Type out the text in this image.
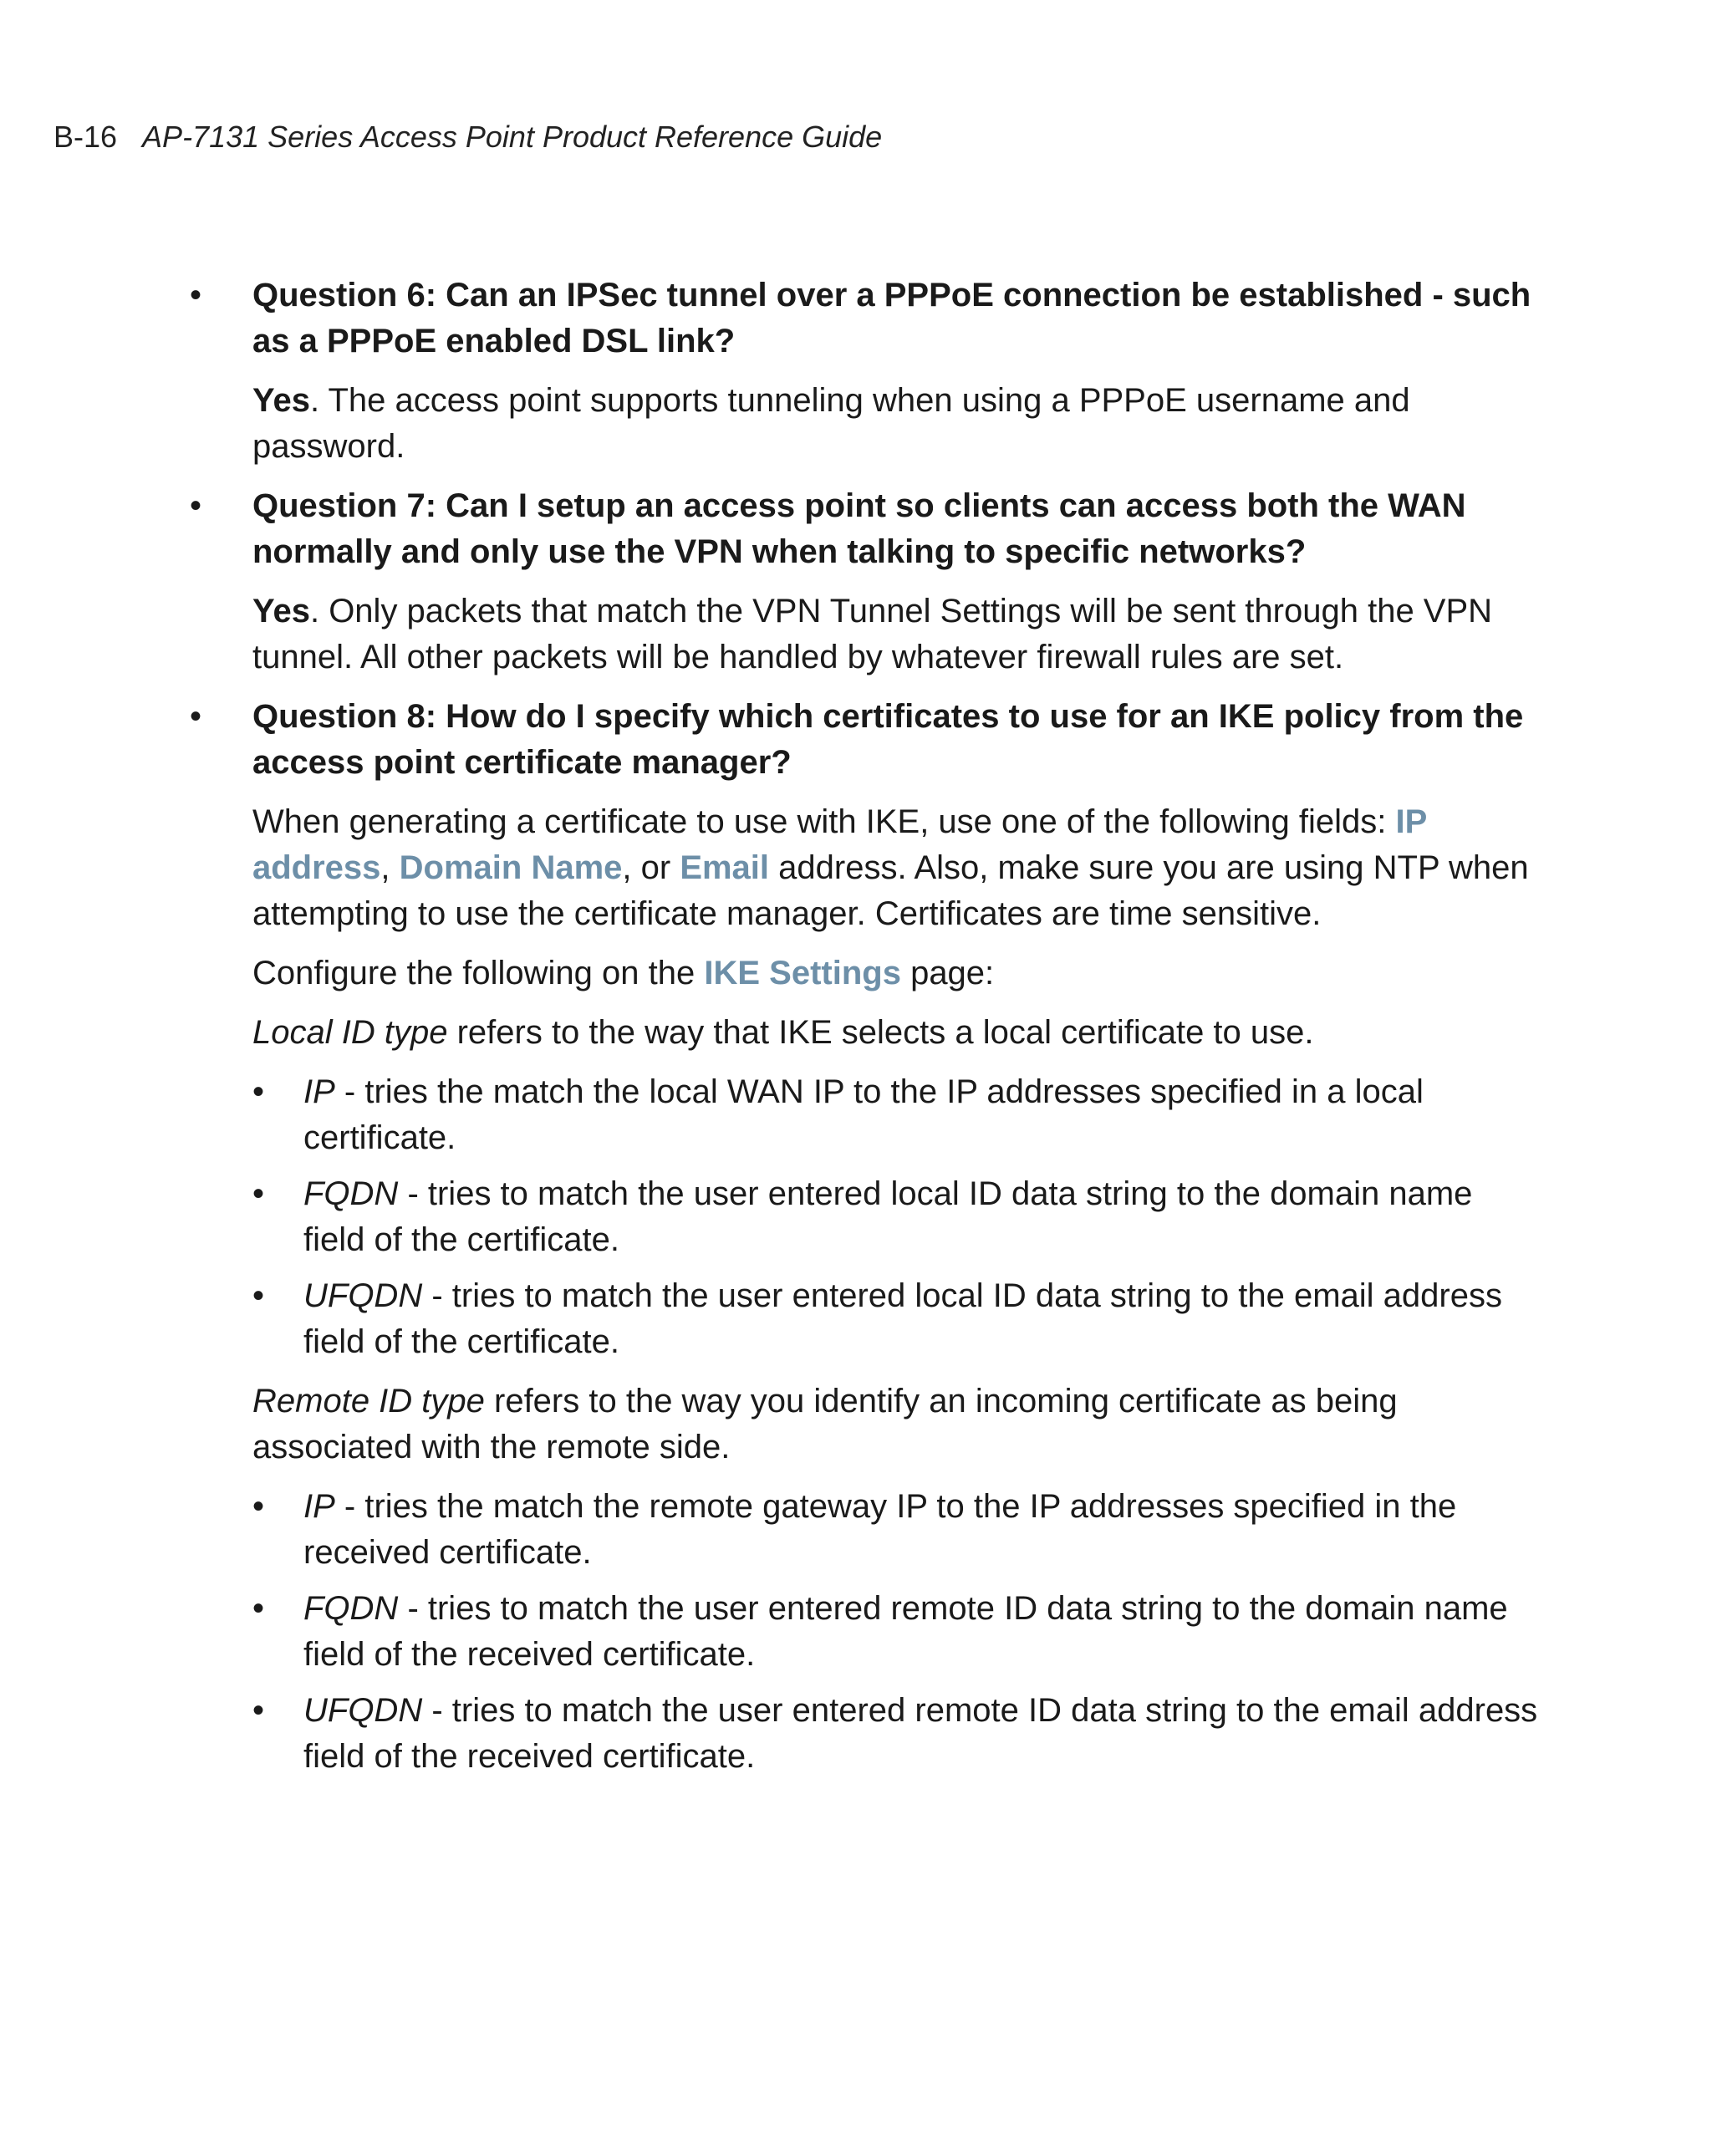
B-16 AP-7131 Series Access Point Product Reference Guide
• Question 6: Can an IPSec tunnel over a PPPoE connection be established - such as a PPPoE enabled DSL link?
Yes. The access point supports tunneling when using a PPPoE username and password.
• Question 7: Can I setup an access point so clients can access both the WAN normally and only use the VPN when talking to specific networks?
Yes. Only packets that match the VPN Tunnel Settings will be sent through the VPN tunnel. All other packets will be handled by whatever firewall rules are set.
• Question 8: How do I specify which certificates to use for an IKE policy from the access point certificate manager?
When generating a certificate to use with IKE, use one of the following fields: IP address, Domain Name, or Email address. Also, make sure you are using NTP when attempting to use the certificate manager. Certificates are time sensitive.
Configure the following on the IKE Settings page:
Local ID type refers to the way that IKE selects a local certificate to use.
• IP - tries the match the local WAN IP to the IP addresses specified in a local certificate.
• FQDN - tries to match the user entered local ID data string to the domain name field of the certificate.
• UFQDN - tries to match the user entered local ID data string to the email address field of the certificate.
Remote ID type refers to the way you identify an incoming certificate as being associated with the remote side.
• IP - tries the match the remote gateway IP to the IP addresses specified in the received certificate.
• FQDN - tries to match the user entered remote ID data string to the domain name field of the received certificate.
• UFQDN - tries to match the user entered remote ID data string to the email address field of the received certificate.
